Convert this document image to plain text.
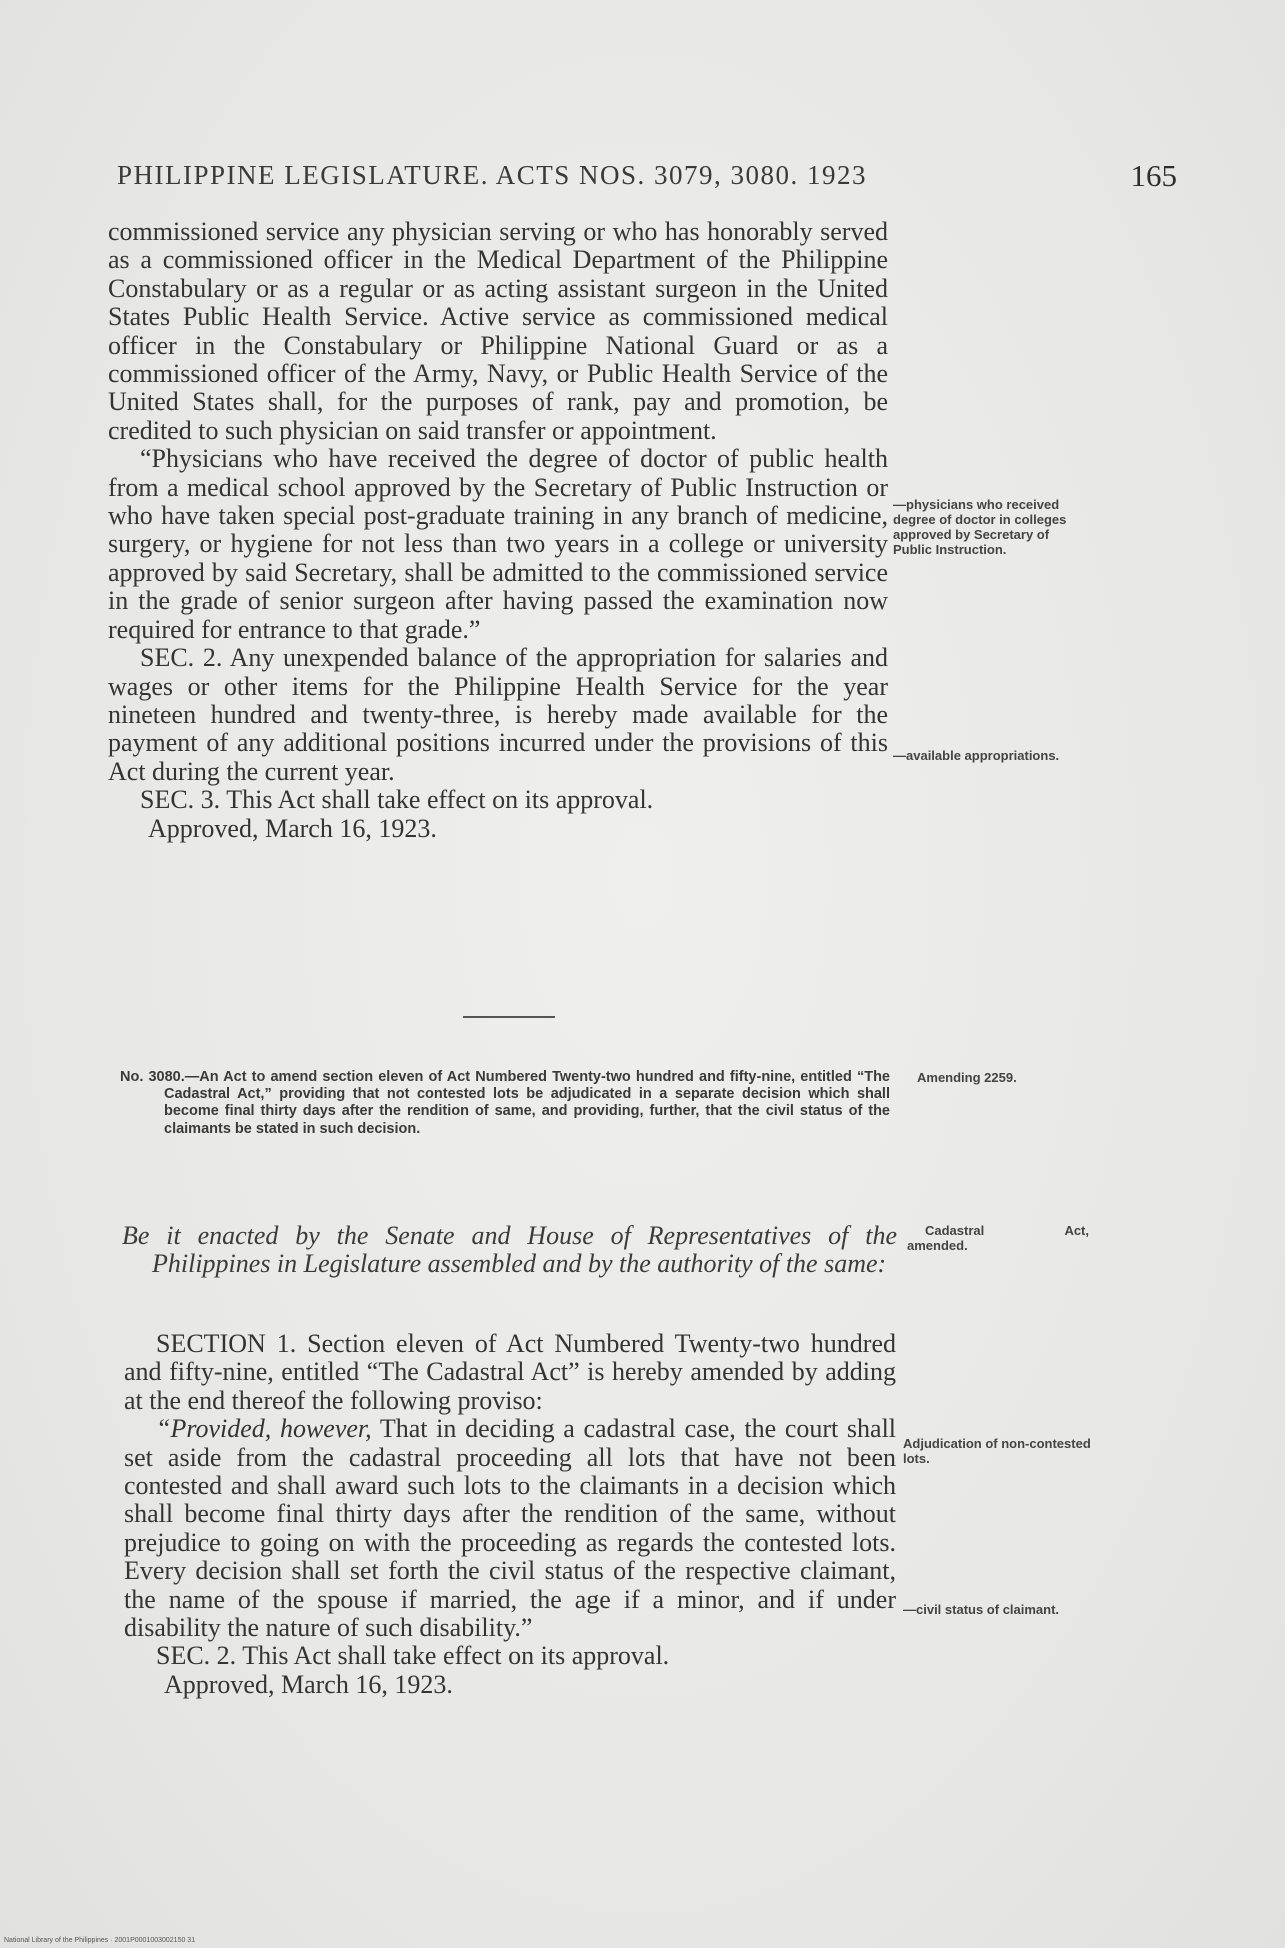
PHILIPPINE LEGISLATURE. ACTS NOS. 3079, 3080. 1923	165

commissioned service any physician serving or who has honorably served as a commissioned officer in the Medical Department of the Philippine Constabulary or as a regular or as acting assistant surgeon in the United States Public Health Service. Active service as commissioned medical officer in the Constabulary or Philippine National Guard or as a commissioned officer of the Army, Navy, or Public Health Service of the United States shall, for the purposes of rank, pay and promotion, be credited to such physician on said transfer or appointment.

“Physicians who have received the degree of doctor of public health from a medical school approved by the Secretary of Public Instruction or who have taken special post-graduate training in any branch of medicine, surgery, or hygiene for not less than two years in a college or university approved by said Secretary, shall be admitted to the commissioned service in the grade of senior surgeon after having passed the examination now required for entrance to that grade.”

SEC. 2. Any unexpended balance of the appropriation for salaries and wages or other items for the Philippine Health Service for the year nineteen hundred and twenty-three, is hereby made available for the payment of any additional positions incurred under the provisions of this Act during the current year.

SEC. 3. This Act shall take effect on its approval.

Approved, March 16, 1923.

—physicians who received degree of doctor in colleges approved by Secretary of Public Instruction.
—available appropriations.

No. 3080.—An Act to amend section eleven of Act Numbered Twenty-two hundred and fifty-nine, entitled “The Cadastral Act,” providing that not contested lots be adjudicated in a separate decision which shall become final thirty days after the rendition of same, and providing, further, that the civil status of the claimants be stated in such decision.

Amending 2259.

Be it enacted by the Senate and House of Representatives of the Philippines in Legislature assembled and by the authority of the same:

Cadastral	Act,
amended.

SECTION 1. Section eleven of Act Numbered Twenty-two hundred and fifty-nine, entitled “The Cadastral Act” is hereby amended by adding at the end thereof the following proviso:

“Provided, however, That in deciding a cadastral case, the court shall set aside from the cadastral proceeding all lots that have not been contested and shall award such lots to the claimants in a decision which shall become final thirty days after the rendition of the same, without prejudice to going on with the proceeding as regards the contested lots. Every decision shall set forth the civil status of the respective claimant, the name of the spouse if married, the age if a minor, and if under disability the nature of such disability.”

SEC. 2. This Act shall take effect on its approval.

Approved, March 16, 1923.

Adjudication of non-contested lots.
—civil status of claimant.
National Library of the Philippines · 2001P0001003002150 31
